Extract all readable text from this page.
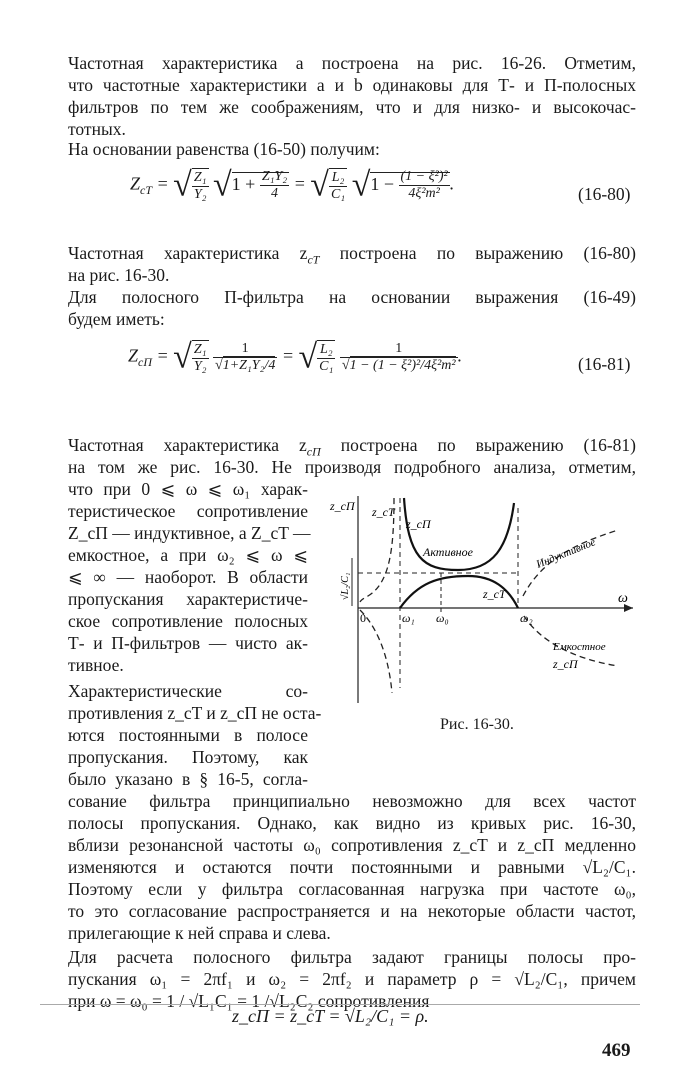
Частотная характеристика a построена на рис. 16-26. Отметим,
что частотные характеристики a и b одинаковы для Т- и П-полосных
фильтров по тем же соображениям, что и для низко- и высокочас-
тотных.
На основании равенства (16-50) получим:
$Z_{cT}$ = √ $\frac{\text{Z₁}}{\text{Y₂}} √1 + \frac{\text{Z₁Y₂}}{4}$ = √ $\frac{\text{L₂}}{\text{C₁}} √1 - \frac{\text{(1 − ξ²)²}}{\text{4ξ²m²}}$ .
(16-80)
Частотная характеристика $z_{cT}$ построена по выражению (16-80)
на рис. 16-30.
Для полосного П-фильтра на основании выражения (16-49)
будем иметь:
$Z_{cП}$ = √ $\frac{\text{Z₁}}{\text{Y₂}}$
$\frac{1}{\text{√1+Z₁Y₂/4}}$ = √ $\frac{\text{L₂}}{\text{C₁}}$
$\frac{1}{\text{√1 − (1 − ξ²)²/4ξ²m²}}$ .	(16-81)
Частотная характеристика $z_{cП}$ построена по выражению (16-81)
на том же рис. 16-30. Не производя подробного анализа, отметим,
что при 0 ⩽ ω ⩽ ω₁ харак-
теристическое сопротивление
Z_cП — индуктивное, а Z_cT —
емкостное, а при ω₂ ⩽ ω ⩽
⩽ ∞ — наоборот. В области
пропускания характеристиче-
ское сопротивление полосных
Т- и П-фильтров — чисто ак-
тивное.
Характеристические со-
противления z_cT и z_cП не оста-
ются постоянными в полосе
пропускания. Поэтому, как
было указано в § 16-5, согла-
z_cП z_cT
z_cП
Активное	Индуктивное
Емкостное
z_cП
z_cT
√L₂/C₁	ω
0	ω₁ ω₀	ω₂
Рис. 16-30.
сование фильтра принципиально невозможно для всех частот
полосы пропускания. Однако, как видно из кривых рис. 16-30,
вблизи резонансной частоты ω₀ сопротивления z_cT и z_cП медленно
изменяются и остаются почти постоянными и равными √L₂/C₁.
Поэтому если у фильтра согласованная нагрузка при частоте ω₀,
то это согласование распространяется и на некоторые области частот,
прилегающие к ней справа и слева.
Для расчета полосного фильтра задают границы полосы про-
пускания ω₁ = 2πf₁ и ω₂ = 2πf₂ и параметр ρ = √L₂/C₁, причем
при ω = ω₀ = 1 / √L₁C₁ = 1 /√L₂C₂ сопротивления
z_cП = z_cT = √L₂/C₁ = ρ.
469
